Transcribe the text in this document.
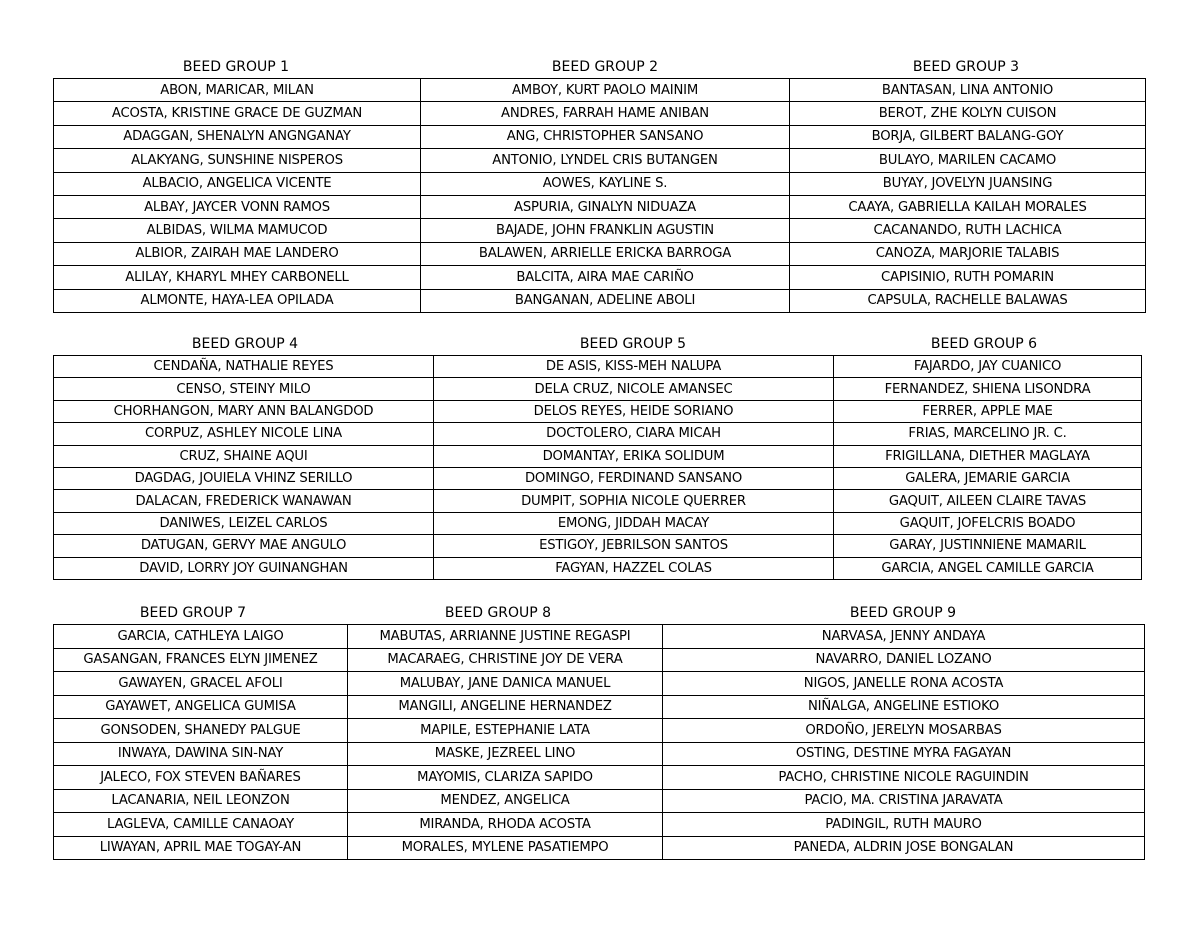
BEED GROUP 1	BEED GROUP 2	BEED GROUP 3
ABON, MARICAR, MILAN	AMBOY, KURT PAOLO MAINIM	BANTASAN, LINA ANTONIO
ACOSTA, KRISTINE GRACE DE GUZMAN	ANDRES, FARRAH HAME ANIBAN	BEROT, ZHE KOLYN CUISON
ADAGGAN, SHENALYN ANGNGANAY	ANG, CHRISTOPHER SANSANO	BORJA, GILBERT BALANG-GOY
ALAKYANG, SUNSHINE NISPEROS	ANTONIO, LYNDEL CRIS BUTANGEN	BULAYO, MARILEN CACAMO
ALBACIO, ANGELICA VICENTE	AOWES, KAYLINE S.	BUYAY, JOVELYN JUANSING
ALBAY, JAYCER VONN RAMOS	ASPURIA, GINALYN NIDUAZA	CAAYA, GABRIELLA KAILAH MORALES
ALBIDAS, WILMA MAMUCOD	BAJADE, JOHN FRANKLIN AGUSTIN	CACANANDO, RUTH LACHICA
ALBIOR, ZAIRAH MAE LANDERO	BALAWEN, ARRIELLE ERICKA BARROGA	CANOZA, MARJORIE TALABIS
ALILAY, KHARYL MHEY CARBONELL	BALCITA, AIRA MAE CARIÑO	CAPISINIO, RUTH POMARIN
ALMONTE, HAYA-LEA OPILADA	BANGANAN, ADELINE ABOLI	CAPSULA, RACHELLE BALAWAS
BEED GROUP 4	BEED GROUP 5	BEED GROUP 6
CENDAÑA, NATHALIE REYES	DE ASIS, KISS-MEH NALUPA	FAJARDO, JAY CUANICO
CENSO, STEINY MILO	DELA CRUZ, NICOLE AMANSEC	FERNANDEZ, SHIENA LISONDRA
CHORHANGON, MARY ANN BALANGDOD	DELOS REYES, HEIDE SORIANO	FERRER, APPLE MAE
CORPUZ, ASHLEY NICOLE LINA	DOCTOLERO, CIARA MICAH	FRIAS, MARCELINO JR. C.
CRUZ, SHAINE AQUI	DOMANTAY, ERIKA SOLIDUM	FRIGILLANA, DIETHER MAGLAYA
DAGDAG, JOUIELA VHINZ SERILLO	DOMINGO, FERDINAND SANSANO	GALERA, JEMARIE GARCIA
DALACAN, FREDERICK WANAWAN	DUMPIT, SOPHIA NICOLE QUERRER	GAQUIT, AILEEN CLAIRE TAVAS
DANIWES, LEIZEL CARLOS	EMONG, JIDDAH MACAY	GAQUIT, JOFELCRIS BOADO
DATUGAN, GERVY MAE ANGULO	ESTIGOY, JEBRILSON SANTOS	GARAY, JUSTINNIENE MAMARIL
DAVID, LORRY JOY GUINANGHAN	FAGYAN, HAZZEL COLAS	GARCIA, ANGEL CAMILLE GARCIA
BEED GROUP 7	BEED GROUP 8	BEED GROUP 9
GARCIA, CATHLEYA LAIGO	MABUTAS, ARRIANNE JUSTINE REGASPI	NARVASA, JENNY ANDAYA
GASANGAN, FRANCES ELYN JIMENEZ	MACARAEG, CHRISTINE JOY DE VERA	NAVARRO, DANIEL LOZANO
GAWAYEN, GRACEL AFOLI	MALUBAY, JANE DANICA MANUEL	NIGOS, JANELLE RONA ACOSTA
GAYAWET, ANGELICA GUMISA	MANGILI, ANGELINE HERNANDEZ	NIÑALGA, ANGELINE ESTIOKO
GONSODEN, SHANEDY PALGUE	MAPILE, ESTEPHANIE LATA	ORDOÑO, JERELYN MOSARBAS
INWAYA, DAWINA SIN-NAY	MASKE, JEZREEL LINO	OSTING, DESTINE MYRA FAGAYAN
JALECO, FOX STEVEN BAÑARES	MAYOMIS, CLARIZA SAPIDO	PACHO, CHRISTINE NICOLE RAGUINDIN
LACANARIA, NEIL LEONZON	MENDEZ, ANGELICA	PACIO, MA. CRISTINA JARAVATA
LAGLEVA, CAMILLE CANAOAY	MIRANDA, RHODA ACOSTA	PADINGIL, RUTH MAURO
LIWAYAN, APRIL MAE TOGAY-AN	MORALES, MYLENE PASATIEMPO	PANEDA, ALDRIN JOSE BONGALAN
